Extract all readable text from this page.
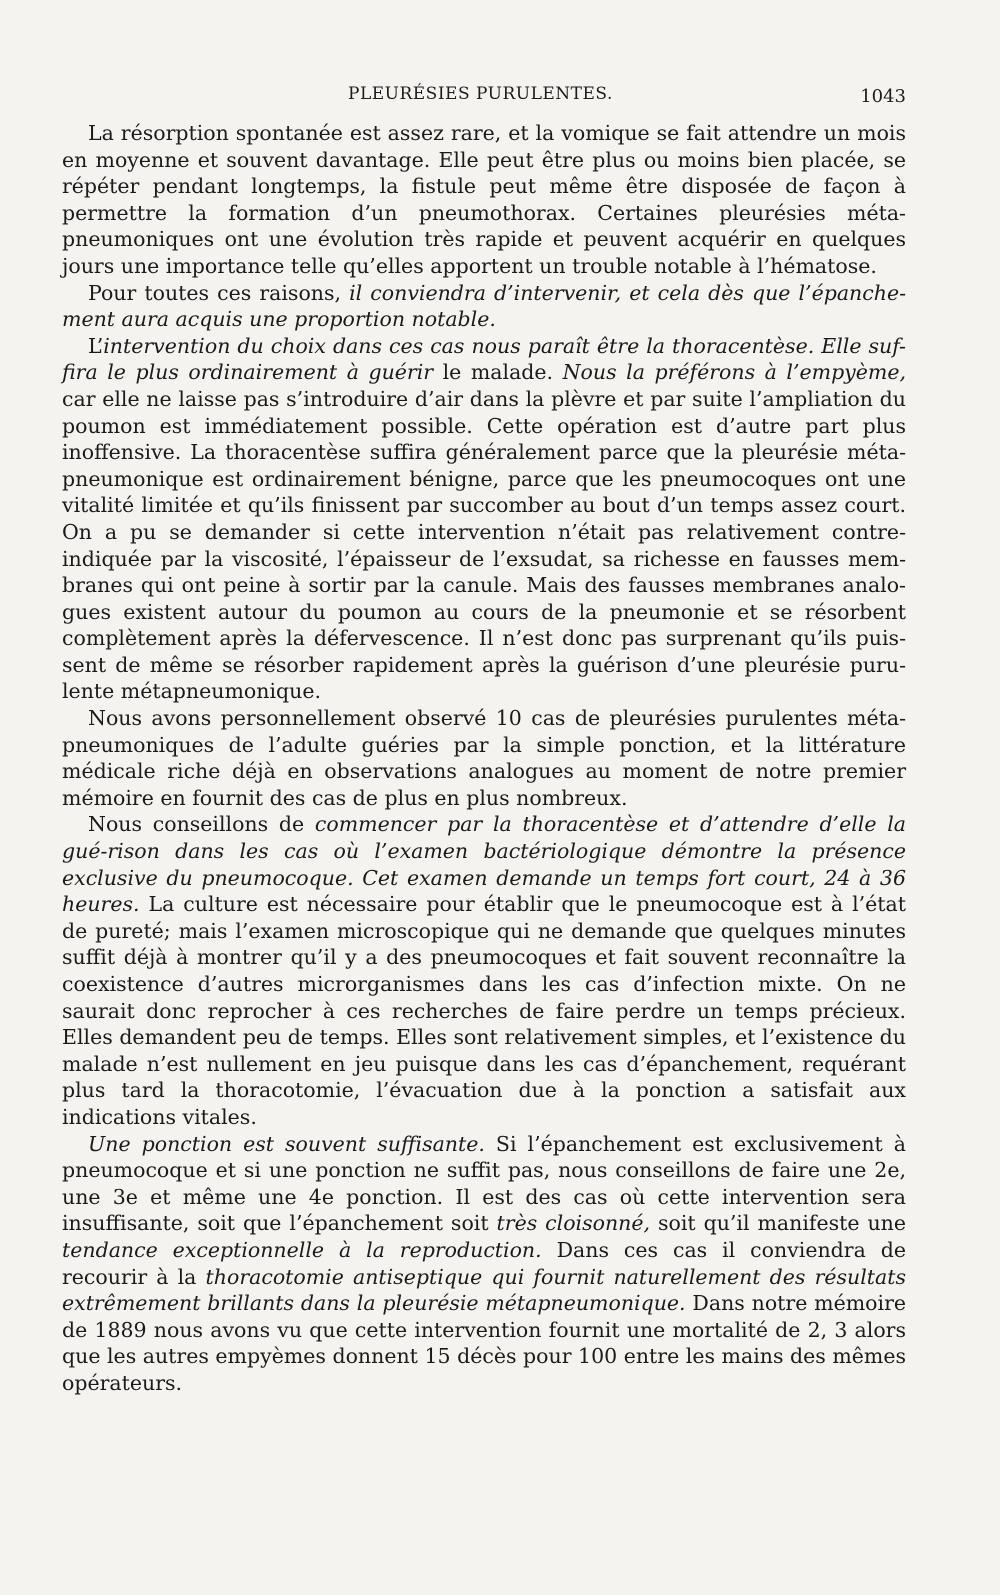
PLEURÉSIES PURULENTES.	1043

La résorption spontanée est assez rare, et la vomique se fait attendre un mois en moyenne et souvent davantage. Elle peut être plus ou moins bien placée, se répéter pendant longtemps, la fistule peut même être disposée de façon à permettre la formation d’un pneumothorax. Certaines pleurésies méta-pneumoniques ont une évolution très rapide et peuvent acquérir en quelques jours une importance telle qu’elles apportent un trouble notable à l’hématose.

Pour toutes ces raisons, il conviendra d’intervenir, et cela dès que l’épanche-ment aura acquis une proportion notable.

L’intervention du choix dans ces cas nous paraît être la thoracentèse. Elle suf-fira le plus ordinairement à guérir le malade. Nous la préférons à l’empyème, car elle ne laisse pas s’introduire d’air dans la plèvre et par suite l’ampliation du poumon est immédiatement possible. Cette opération est d’autre part plus inoffensive. La thoracentèse suffira généralement parce que la pleurésie méta-pneumonique est ordinairement bénigne, parce que les pneumocoques ont une vitalité limitée et qu’ils finissent par succomber au bout d’un temps assez court. On a pu se demander si cette intervention n’était pas relativement contre-indiquée par la viscosité, l’épaisseur de l’exsudat, sa richesse en fausses mem-branes qui ont peine à sortir par la canule. Mais des fausses membranes analo-gues existent autour du poumon au cours de la pneumonie et se résorbent complètement après la défervescence. Il n’est donc pas surprenant qu’ils puis-sent de même se résorber rapidement après la guérison d’une pleurésie puru-lente métapneumonique.

Nous avons personnellement observé 10 cas de pleurésies purulentes méta-pneumoniques de l’adulte guéries par la simple ponction, et la littérature médicale riche déjà en observations analogues au moment de notre premier mémoire en fournit des cas de plus en plus nombreux.

Nous conseillons de commencer par la thoracentèse et d’attendre d’elle la gué-rison dans les cas où l’examen bactériologique démontre la présence exclusive du pneumocoque. Cet examen demande un temps fort court, 24 à 36 heures. La culture est nécessaire pour établir que le pneumocoque est à l’état de pureté; mais l’examen microscopique qui ne demande que quelques minutes suffit déjà à montrer qu’il y a des pneumocoques et fait souvent reconnaître la coexistence d’autres microrganismes dans les cas d’infection mixte. On ne saurait donc reprocher à ces recherches de faire perdre un temps précieux. Elles demandent peu de temps. Elles sont relativement simples, et l’existence du malade n’est nullement en jeu puisque dans les cas d’épanchement, requérant plus tard la thoracotomie, l’évacuation due à la ponction a satisfait aux indications vitales.

Une ponction est souvent suffisante. Si l’épanchement est exclusivement à pneumocoque et si une ponction ne suffit pas, nous conseillons de faire une 2e, une 3e et même une 4e ponction. Il est des cas où cette intervention sera insuffisante, soit que l’épanchement soit très cloisonné, soit qu’il manifeste une tendance exceptionnelle à la reproduction. Dans ces cas il conviendra de recourir à la thoracotomie antiseptique qui fournit naturellement des résultats extrêmement brillants dans la pleurésie métapneumonique. Dans notre mémoire de 1889 nous avons vu que cette intervention fournit une mortalité de 2, 3 alors que les autres empyèmes donnent 15 décès pour 100 entre les mains des mêmes opérateurs.
